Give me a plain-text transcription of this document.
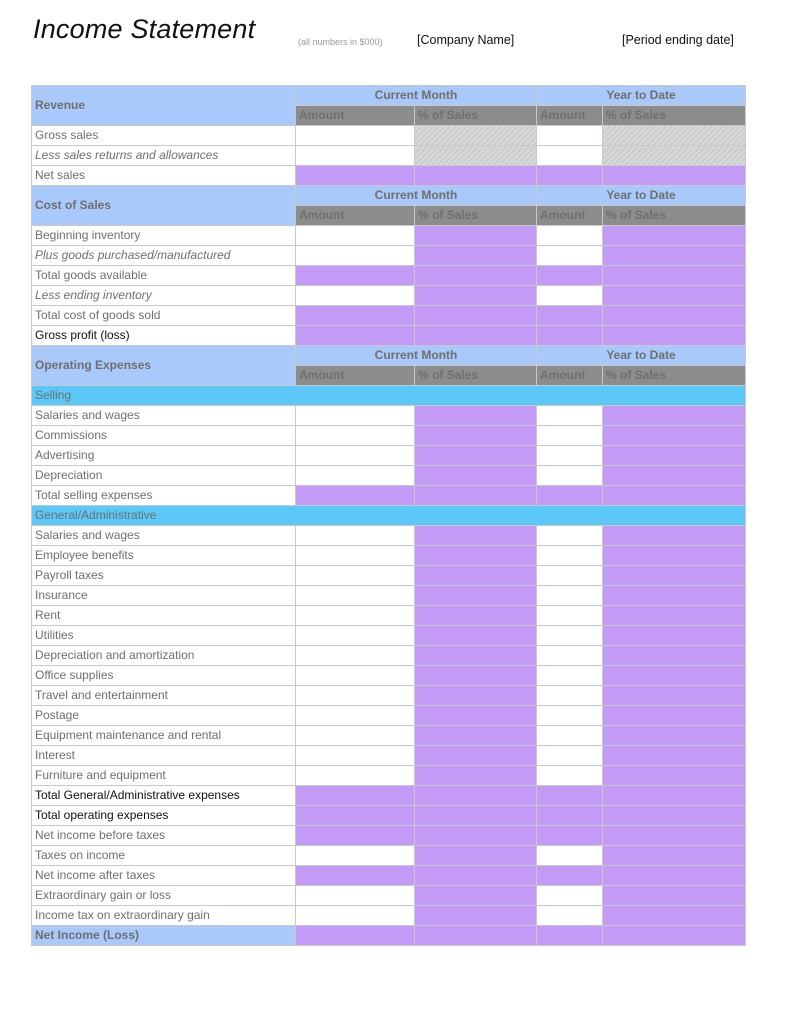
Income Statement	(all numbers in $000)	[Company Name]	[Period ending date]
Revenue	Current Month		Year to Date	
	Amount	% of Sales	Amount	% of Sales
Gross sales				
Less sales returns and allowances				
Net sales				
Cost of Sales	Current Month		Year to Date	
	Amount	% of Sales	Amount	% of Sales
Beginning inventory				
Plus goods purchased/manufactured				
Total goods available				
Less ending inventory				
Total cost of goods sold				
Gross profit (loss)				
Operating Expenses	Current Month		Year to Date	
	Amount	% of Sales	Amount	% of Sales
Selling				
Salaries and wages				
Commissions				
Advertising				
Depreciation				
Total selling expenses				
General/Administrative				
Salaries and wages				
Employee benefits				
Payroll taxes				
Insurance				
Rent				
Utilities				
Depreciation and amortization				
Office supplies				
Travel and entertainment				
Postage				
Equipment maintenance and rental				
Interest				
Furniture and equipment				
Total General/Administrative expenses				
Total operating expenses				
Net income before taxes				
Taxes on income				
Net income after taxes				
Extraordinary gain or loss				
Income tax on extraordinary gain				
Net Income (Loss)				
